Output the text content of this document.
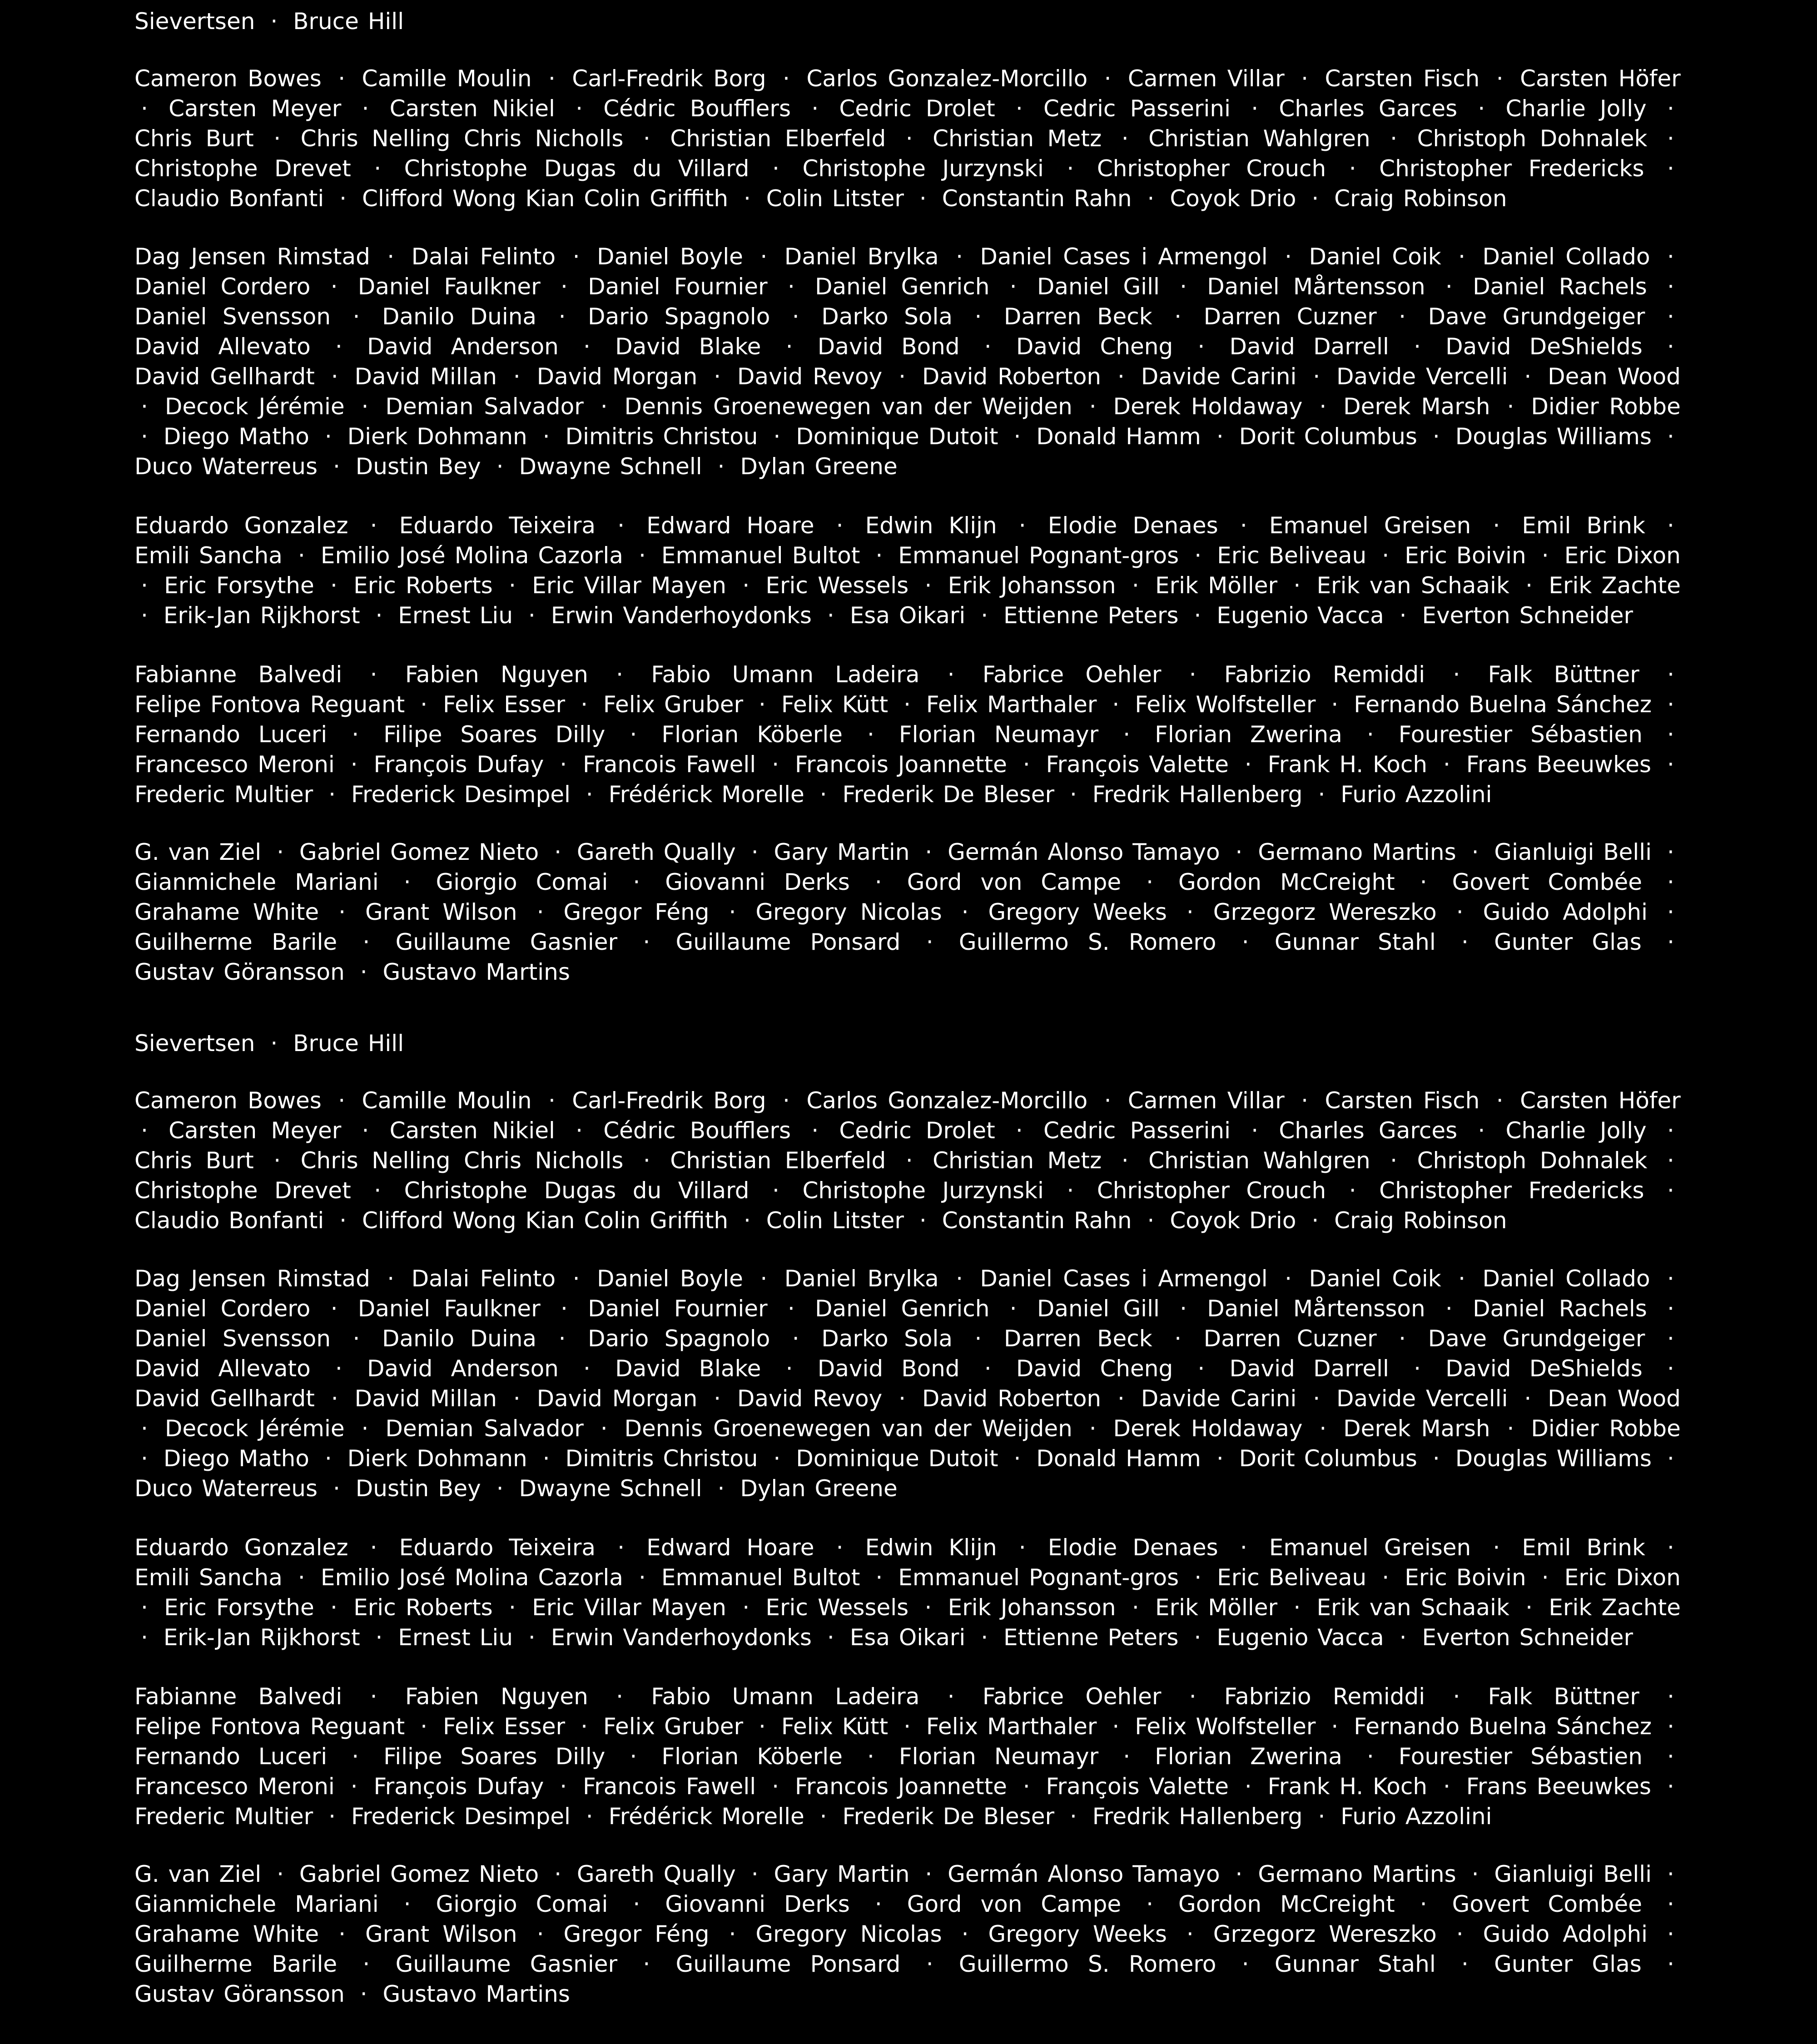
Sievertsen · Bruce Hill

Cameron Bowes · Camille Moulin · Carl-Fredrik Borg · Carlos Gonzalez-Morcillo · Carmen Villar · Carsten Fisch · Carsten Höfer · Carsten Meyer · Carsten Nikiel · Cédric Boufflers · Cedric Drolet · Cedric Passerini · Charles Garces · Charlie Jolly · Chris Burt · Chris Nelling Chris Nicholls · Christian Elberfeld · Christian Metz · Christian Wahlgren · Christoph Dohnalek · Christophe Drevet · Christophe Dugas du Villard · Christophe Jurzynski · Christopher Crouch · Christopher Fredericks · Claudio Bonfanti · Clifford Wong Kian Colin Griffith · Colin Litster · Constantin Rahn · Coyok Drio · Craig Robinson

Dag Jensen Rimstad · Dalai Felinto · Daniel Boyle · Daniel Brylka · Daniel Cases i Armengol · Daniel Coik · Daniel Collado · Daniel Cordero · Daniel Faulkner · Daniel Fournier · Daniel Genrich · Daniel Gill · Daniel Mårtensson · Daniel Rachels · Daniel Svensson · Danilo Duina · Dario Spagnolo · Darko Sola · Darren Beck · Darren Cuzner · Dave Grundgeiger · David Allevato · David Anderson · David Blake · David Bond · David Cheng · David Darrell · David DeShields · David Gellhardt · David Millan · David Morgan · David Revoy · David Roberton · Davide Carini · Davide Vercelli · Dean Wood · Decock Jérémie · Demian Salvador · Dennis Groenewegen van der Weijden · Derek Holdaway · Derek Marsh · Didier Robbe · Diego Matho · Dierk Dohmann · Dimitris Christou · Dominique Dutoit · Donald Hamm · Dorit Columbus · Douglas Williams · Duco Waterreus · Dustin Bey · Dwayne Schnell · Dylan Greene

Eduardo Gonzalez · Eduardo Teixeira · Edward Hoare · Edwin Klijn · Elodie Denaes · Emanuel Greisen · Emil Brink · Emili Sancha · Emilio José Molina Cazorla · Emmanuel Bultot · Emmanuel Pognant-gros · Eric Beliveau · Eric Boivin · Eric Dixon · Eric Forsythe · Eric Roberts · Eric Villar Mayen · Eric Wessels · Erik Johansson · Erik Möller · Erik van Schaaik · Erik Zachte · Erik-Jan Rijkhorst · Ernest Liu · Erwin Vanderhoydonks · Esa Oikari · Ettienne Peters · Eugenio Vacca · Everton Schneider

Fabianne Balvedi · Fabien Nguyen · Fabio Umann Ladeira · Fabrice Oehler · Fabrizio Remiddi · Falk Büttner · Felipe Fontova Reguant · Felix Esser · Felix Gruber · Felix Kütt · Felix Marthaler · Felix Wolfsteller · Fernando Buelna Sánchez · Fernando Luceri · Filipe Soares Dilly · Florian Köberle · Florian Neumayr · Florian Zwerina · Fourestier Sébastien · Francesco Meroni · François Dufay · Francois Fawell · Francois Joannette · François Valette · Frank H. Koch · Frans Beeuwkes · Frederic Multier · Frederick Desimpel · Frédérick Morelle · Frederik De Bleser · Fredrik Hallenberg · Furio Azzolini

G. van Ziel · Gabriel Gomez Nieto · Gareth Qually · Gary Martin · Germán Alonso Tamayo · Germano Martins · Gianluigi Belli · Gianmichele Mariani · Giorgio Comai · Giovanni Derks · Gord von Campe · Gordon McCreight · Govert Combée · Grahame White · Grant Wilson · Gregor Féng · Gregory Nicolas · Gregory Weeks · Grzegorz Wereszko · Guido Adolphi · Guilherme Barile · Guillaume Gasnier · Guillaume Ponsard · Guillermo S. Romero · Gunnar Stahl · Gunter Glas · Gustav Göransson · Gustavo Martins

Sievertsen · Bruce Hill

Cameron Bowes · Camille Moulin · Carl-Fredrik Borg · Carlos Gonzalez-Morcillo · Carmen Villar · Carsten Fisch · Carsten Höfer · Carsten Meyer · Carsten Nikiel · Cédric Boufflers · Cedric Drolet · Cedric Passerini · Charles Garces · Charlie Jolly · Chris Burt · Chris Nelling Chris Nicholls · Christian Elberfeld · Christian Metz · Christian Wahlgren · Christoph Dohnalek · Christophe Drevet · Christophe Dugas du Villard · Christophe Jurzynski · Christopher Crouch · Christopher Fredericks · Claudio Bonfanti · Clifford Wong Kian Colin Griffith · Colin Litster · Constantin Rahn · Coyok Drio · Craig Robinson

Dag Jensen Rimstad · Dalai Felinto · Daniel Boyle · Daniel Brylka · Daniel Cases i Armengol · Daniel Coik · Daniel Collado · Daniel Cordero · Daniel Faulkner · Daniel Fournier · Daniel Genrich · Daniel Gill · Daniel Mårtensson · Daniel Rachels · Daniel Svensson · Danilo Duina · Dario Spagnolo · Darko Sola · Darren Beck · Darren Cuzner · Dave Grundgeiger · David Allevato · David Anderson · David Blake · David Bond · David Cheng · David Darrell · David DeShields · David Gellhardt · David Millan · David Morgan · David Revoy · David Roberton · Davide Carini · Davide Vercelli · Dean Wood · Decock Jérémie · Demian Salvador · Dennis Groenewegen van der Weijden · Derek Holdaway · Derek Marsh · Didier Robbe · Diego Matho · Dierk Dohmann · Dimitris Christou · Dominique Dutoit · Donald Hamm · Dorit Columbus · Douglas Williams · Duco Waterreus · Dustin Bey · Dwayne Schnell · Dylan Greene

Eduardo Gonzalez · Eduardo Teixeira · Edward Hoare · Edwin Klijn · Elodie Denaes · Emanuel Greisen · Emil Brink · Emili Sancha · Emilio José Molina Cazorla · Emmanuel Bultot · Emmanuel Pognant-gros · Eric Beliveau · Eric Boivin · Eric Dixon · Eric Forsythe · Eric Roberts · Eric Villar Mayen · Eric Wessels · Erik Johansson · Erik Möller · Erik van Schaaik · Erik Zachte · Erik-Jan Rijkhorst · Ernest Liu · Erwin Vanderhoydonks · Esa Oikari · Ettienne Peters · Eugenio Vacca · Everton Schneider

Fabianne Balvedi · Fabien Nguyen · Fabio Umann Ladeira · Fabrice Oehler · Fabrizio Remiddi · Falk Büttner · Felipe Fontova Reguant · Felix Esser · Felix Gruber · Felix Kütt · Felix Marthaler · Felix Wolfsteller · Fernando Buelna Sánchez · Fernando Luceri · Filipe Soares Dilly · Florian Köberle · Florian Neumayr · Florian Zwerina · Fourestier Sébastien · Francesco Meroni · François Dufay · Francois Fawell · Francois Joannette · François Valette · Frank H. Koch · Frans Beeuwkes · Frederic Multier · Frederick Desimpel · Frédérick Morelle · Frederik De Bleser · Fredrik Hallenberg · Furio Azzolini

G. van Ziel · Gabriel Gomez Nieto · Gareth Qually · Gary Martin · Germán Alonso Tamayo · Germano Martins · Gianluigi Belli · Gianmichele Mariani · Giorgio Comai · Giovanni Derks · Gord von Campe · Gordon McCreight · Govert Combée · Grahame White · Grant Wilson · Gregor Féng · Gregory Nicolas · Gregory Weeks · Grzegorz Wereszko · Guido Adolphi · Guilherme Barile · Guillaume Gasnier · Guillaume Ponsard · Guillermo S. Romero · Gunnar Stahl · Gunter Glas · Gustav Göransson · Gustavo Martins
